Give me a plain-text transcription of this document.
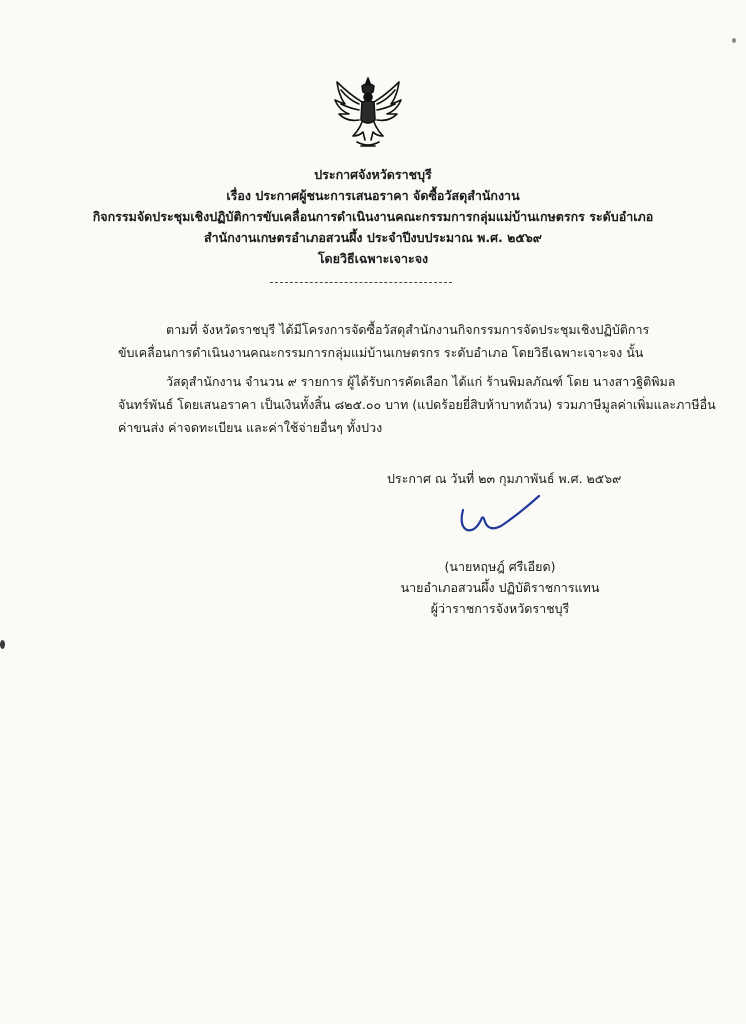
ประกาศจังหวัดราชบุรี
เรื่อง ประกาศผู้ชนะการเสนอราคา จัดซื้อวัสดุสำนักงาน
กิจกรรมจัดประชุมเชิงปฏิบัติการขับเคลื่อนการดำเนินงานคณะกรรมการกลุ่มแม่บ้านเกษตรกร ระดับอำเภอ
สำนักงานเกษตรอำเภอสวนผึ้ง ประจำปีงบประมาณ พ.ศ. ๒๕๖๙
โดยวิธีเฉพาะเจาะจง
ตามที่ จังหวัดราชบุรี ได้มีโครงการจัดซื้อวัสดุสำนักงานกิจกรรมการจัดประชุมเชิงปฏิบัติการ
ขับเคลื่อนการดำเนินงานคณะกรรมการกลุ่มแม่บ้านเกษตรกร ระดับอำเภอ โดยวิธีเฉพาะเจาะจง นั้น
วัสดุสำนักงาน จำนวน ๙ รายการ ผู้ได้รับการคัดเลือก ได้แก่ ร้านพิมลภัณฑ์ โดย นางสาวฐิติพิมล
จันทร์พันธ์ โดยเสนอราคา เป็นเงินทั้งสิ้น ๘๒๕.๐๐ บาท (แปดร้อยยี่สิบห้าบาทถ้วน) รวมภาษีมูลค่าเพิ่มและภาษีอื่น
ค่าขนส่ง ค่าจดทะเบียน และค่าใช้จ่ายอื่นๆ ทั้งปวง
ประกาศ ณ วันที่ ๒๓ กุมภาพันธ์ พ.ศ. ๒๕๖๙
(นายหฤษฎ์ ศรีเอียด)
นายอำเภอสวนผึ้ง ปฏิบัติราชการแทน
ผู้ว่าราชการจังหวัดราชบุรี
